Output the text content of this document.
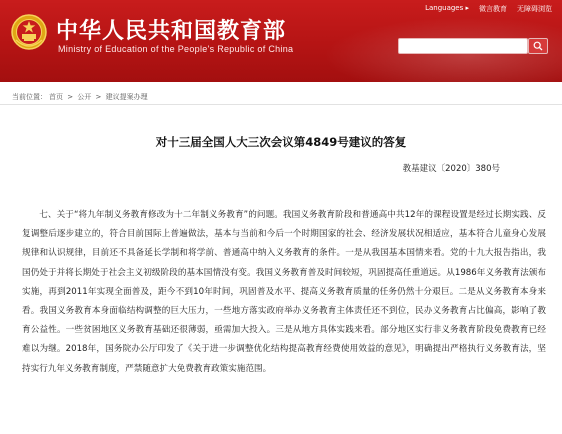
中华人民共和国教育部
Ministry of Education of the People's Republic of China
Languages ▸ 微言教育 无障碍浏览
当前位置： 首页 > 公开 > 建议提案办理
对十三届全国人大三次会议第4849号建议的答复
教基建议〔2020〕380号

七、关于“将九年制义务教育修改为十二年制义务教育”的问题。我国义务教育阶段和普通高中共12年的课程设置是经过长期实践、反复调整后逐步建立的，符合目前国际上普遍做法，基本与当前和今后一个时期国家的社会、经济发展状况相适应，基本符合儿童身心发展规律和认识规律，目前还不具备延长学制和将学前、普通高中纳入义务教育的条件。一是从我国基本国情来看。党的十九大报告指出，我国仍处于并将长期处于社会主义初级阶段的基本国情没有变。我国义务教育普及时间较短，巩固提高任重道远。从1986年义务教育法颁布实施，再到2011年实现全面普及，距今不到10年时间，巩固普及水平、提高义务教育质量的任务仍然十分艰巨。二是从义务教育本身来看。我国义务教育本身面临结构调整的巨大压力，一些地方落实政府举办义务教育主体责任还不到位，民办义务教育占比偏高，影响了教育公益性。一些贫困地区义务教育基础还很薄弱，亟需加大投入。三是从地方具体实践来看。部分地区实行非义务教育阶段免费教育已经难以为继。2018年，国务院办公厅印发了《关于进一步调整优化结构提高教育经费使用效益的意见》，明确提出严格执行义务教育法，坚持实行九年义务教育制度，严禁随意扩大免费教育政策实施范围。
